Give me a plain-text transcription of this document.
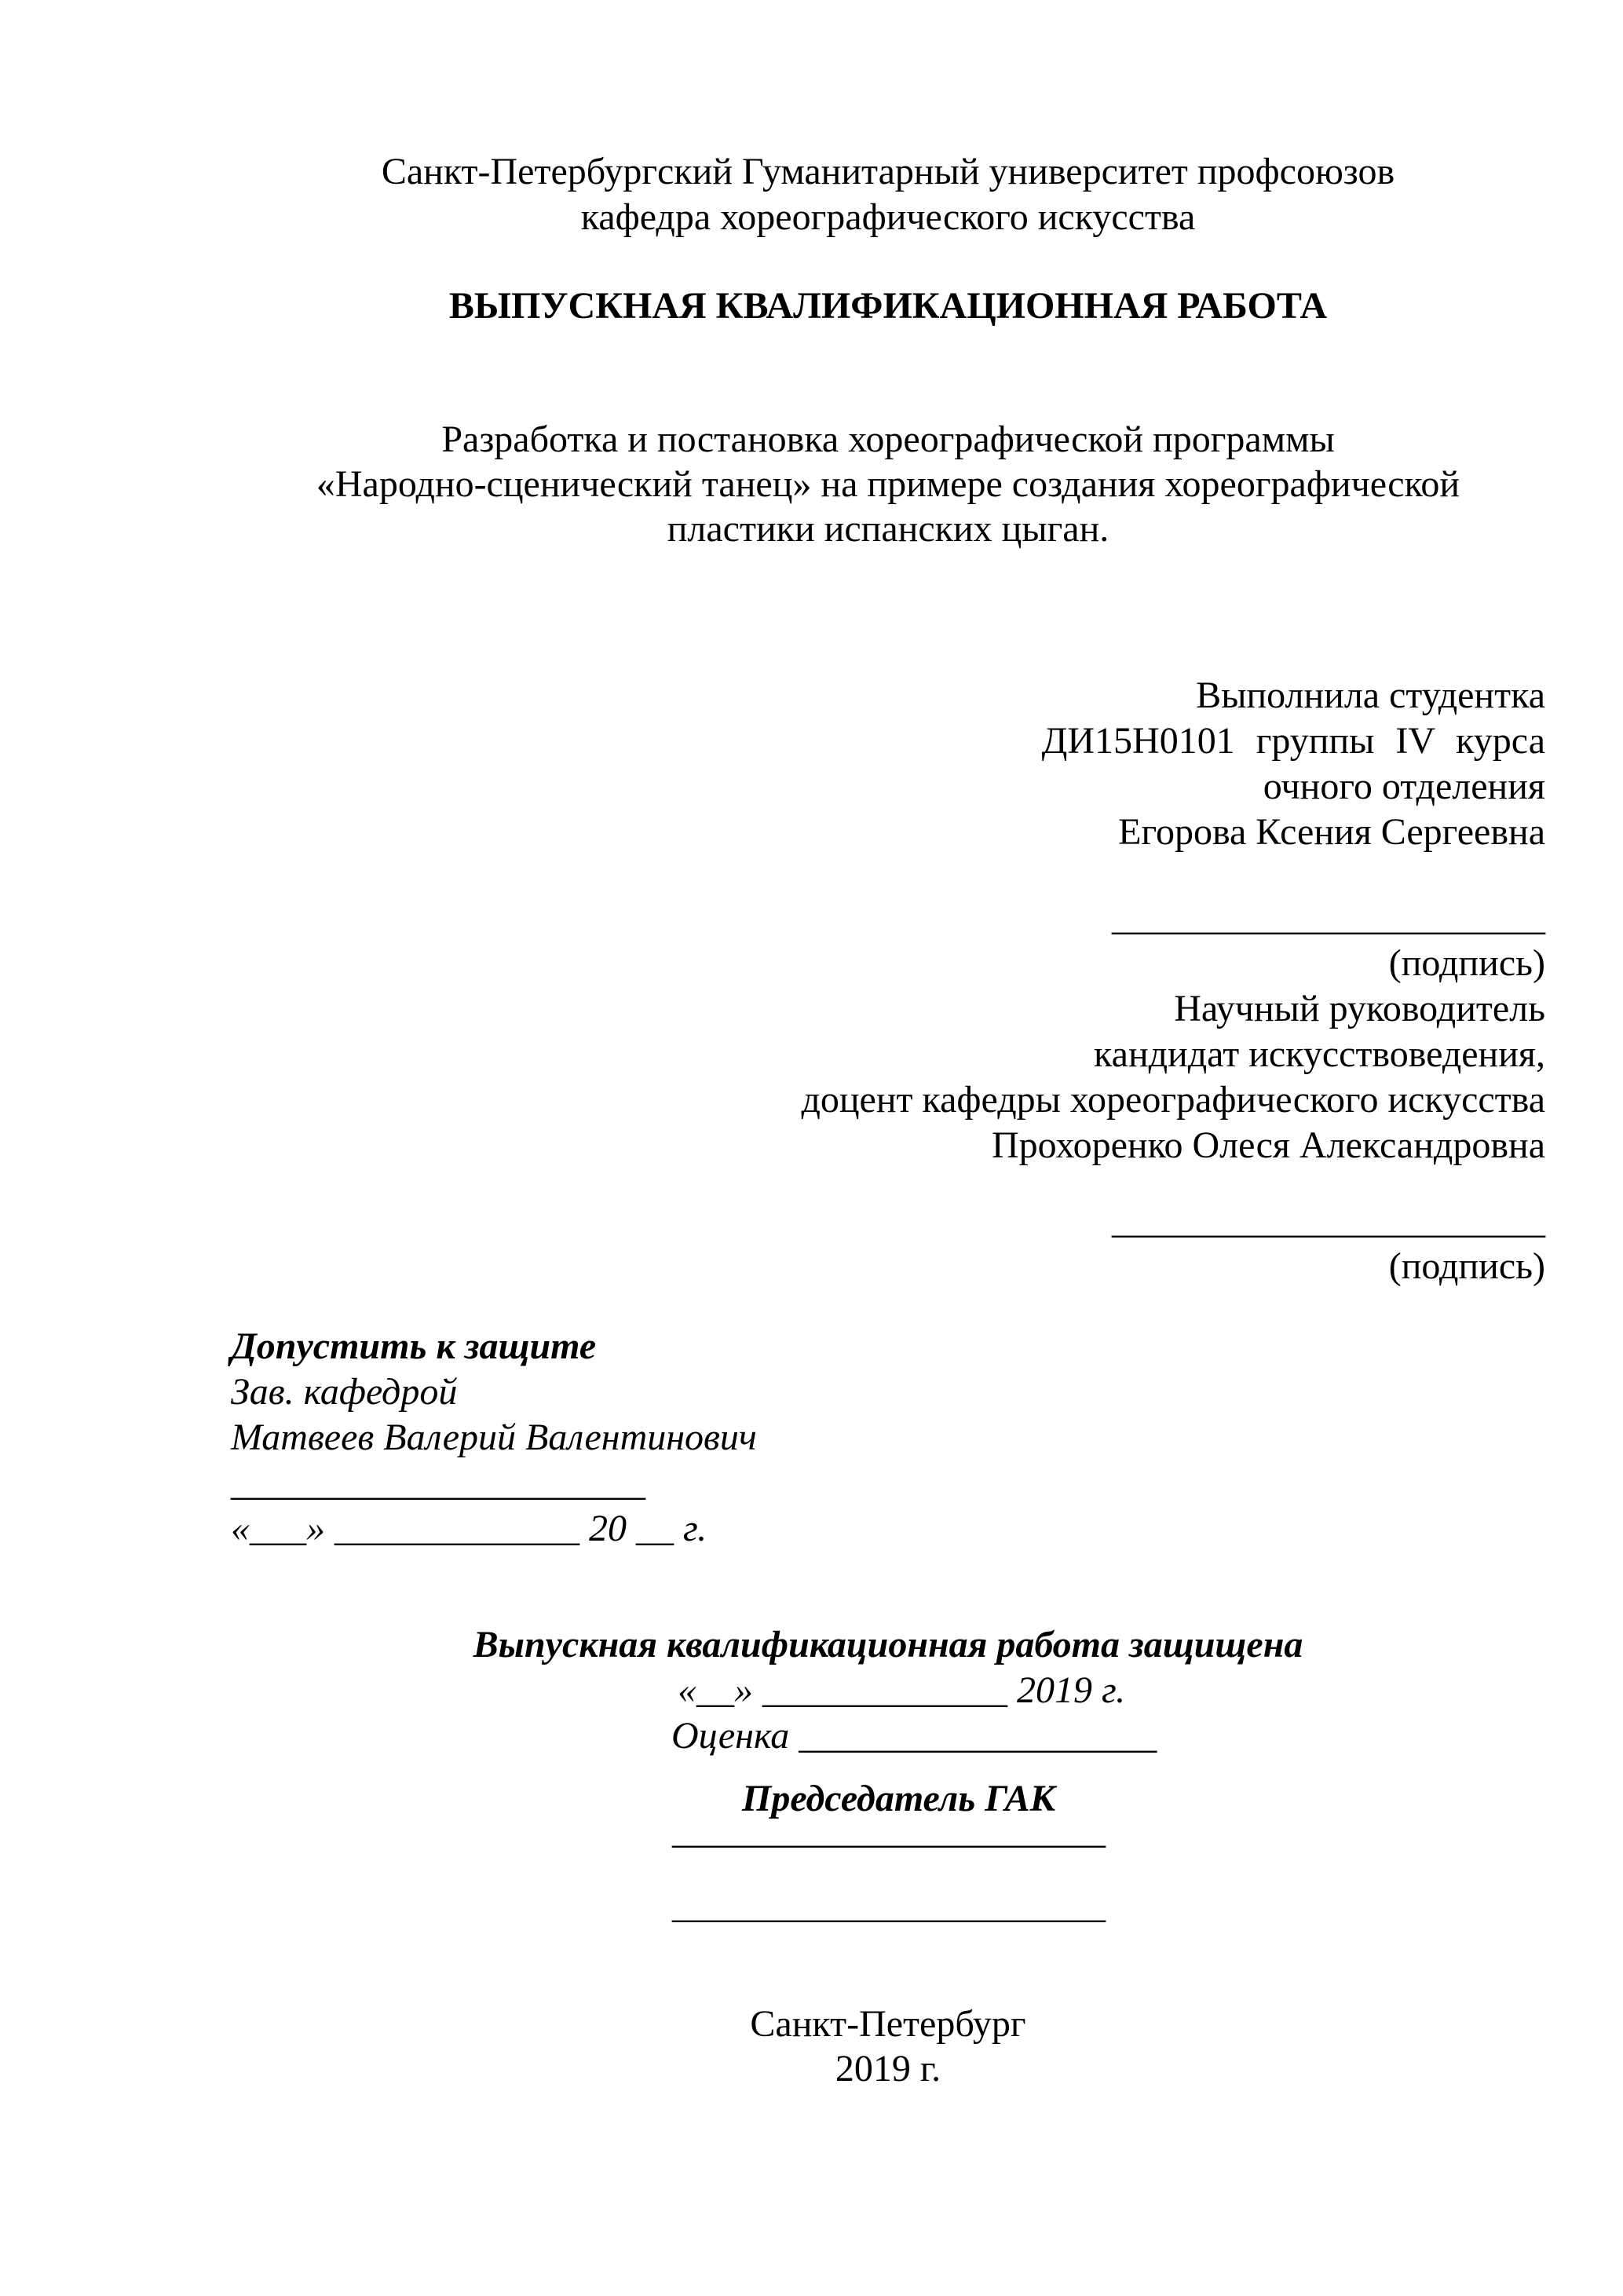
Санкт-Петербургский Гуманитарный университет профсоюзов
кафедра хореографического искусства
ВЫПУСКНАЯ КВАЛИФИКАЦИОННАЯ РАБОТА
Разработка и постановка хореографической программы
«Народно-сценический танец» на примере создания хореографической
пластики испанских цыган.
Выполнила студентка
ДИ15Н0101 группы IV курса
очного отделения
Егорова Ксения Сергеевна
_______________________
(подпись)
Научный руководитель
кандидат искусствоведения,
доцент кафедры хореографического искусства
Прохоренко Олеся Александровна
_______________________
(подпись)
Допустить к защите
Зав. кафедрой
Матвеев Валерий Валентинович
______________________
«___» _____________ 20 __ г.
Выпускная квалификационная работа защищена
«__» _____________ 2019 г.
Оценка ___________________
Председатель ГАК
_______________________
_______________________
Санкт-Петербург
2019 г.
